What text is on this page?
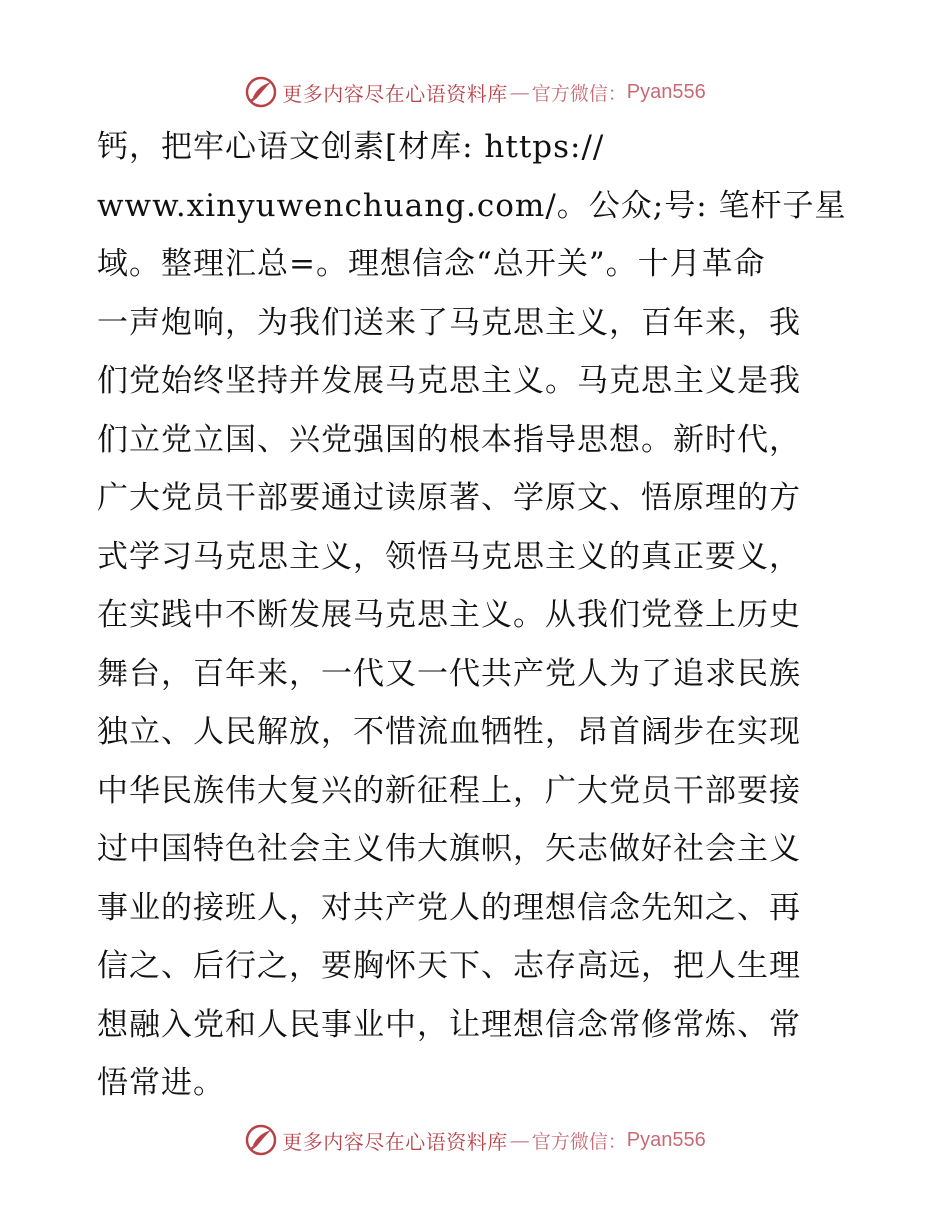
更多内容尽在心语资料库 — 官方微信： Pyan556
钙，把牢心语文创素[材库: https://
www.xinyuwenchuang.com/。公众;号: 笔杆子星
域。整理汇总=。理想信念“总开关”。十月革命
一声炮响，为我们送来了马克思主义，百年来，我
们党始终坚持并发展马克思主义。马克思主义是我
们立党立国、兴党强国的根本指导思想。新时代，
广大党员干部要通过读原著、学原文、悟原理的方
式学习马克思主义，领悟马克思主义的真正要义，
在实践中不断发展马克思主义。从我们党登上历史
舞台，百年来，一代又一代共产党人为了追求民族
独立、人民解放，不惜流血牺牲，昂首阔步在实现
中华民族伟大复兴的新征程上，广大党员干部要接
过中国特色社会主义伟大旗帜，矢志做好社会主义
事业的接班人，对共产党人的理想信念先知之、再
信之、后行之，要胸怀天下、志存高远，把人生理
想融入党和人民事业中，让理想信念常修常炼、常
悟常进。
更多内容尽在心语资料库 — 官方微信： Pyan556
